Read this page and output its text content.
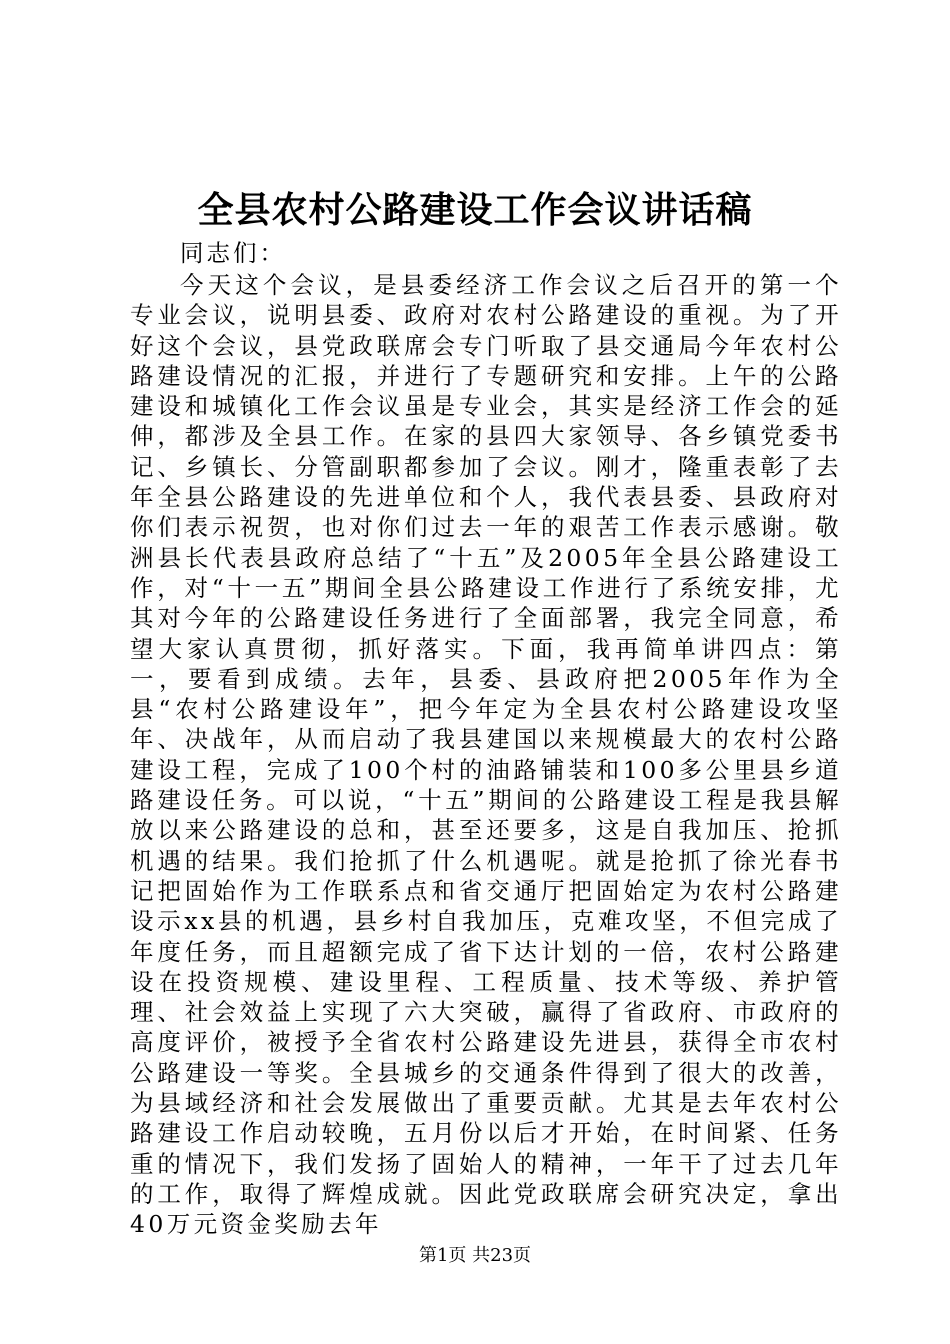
全县农村公路建设工作会议讲话稿

同志们：

今天这个会议，是县委经济工作会议之后召开的第一个专业会议，说明县委、政府对农村公路建设的重视。为了开好这个会议，县党政联席会专门听取了县交通局今年农村公路建设情况的汇报，并进行了专题研究和安排。上午的公路建设和城镇化工作会议虽是专业会，其实是经济工作会的延伸，都涉及全县工作。在家的县四大家领导、各乡镇党委书记、乡镇长、分管副职都参加了会议。刚才，隆重表彰了去年全县公路建设的先进单位和个人，我代表县委、县政府对你们表示祝贺，也对你们过去一年的艰苦工作表示感谢。敬洲县长代表县政府总结了“十五”及2005年全县公路建设工作，对“十一五”期间全县公路建设工作进行了系统安排，尤其对今年的公路建设任务进行了全面部署，我完全同意，希望大家认真贯彻，抓好落实。下面，我再简单讲四点：第一，要看到成绩。去年，县委、县政府把2005年作为全县“农村公路建设年”，把今年定为全县农村公路建设攻坚年、决战年，从而启动了我县建国以来规模最大的农村公路建设工程，完成了100个村的油路铺装和100多公里县乡道路建设任务。可以说，“十五”期间的公路建设工程是我县解放以来公路建设的总和，甚至还要多，这是自我加压、抢抓机遇的结果。我们抢抓了什么机遇呢。就是抢抓了徐光春书记把固始作为工作联系点和省交通厅把固始定为农村公路建设示xx县的机遇，县乡村自我加压，克难攻坚，不但完成了年度任务，而且超额完成了省下达计划的一倍，农村公路建设在投资规模、建设里程、工程质量、技术等级、养护管理、社会效益上实现了六大突破，赢得了省政府、市政府的高度评价，被授予全省农村公路建设先进县，获得全市农村公路建设一等奖。全县城乡的交通条件得到了很大的改善，为县域经济和社会发展做出了重要贡献。尤其是去年农村公路建设工作启动较晚，五月份以后才开始，在时间紧、任务重的情况下，我们发扬了固始人的精神，一年干了过去几年的工作，取得了辉煌成就。因此党政联席会研究决定，拿出40万元资金奖励去年

第1页 共23页
